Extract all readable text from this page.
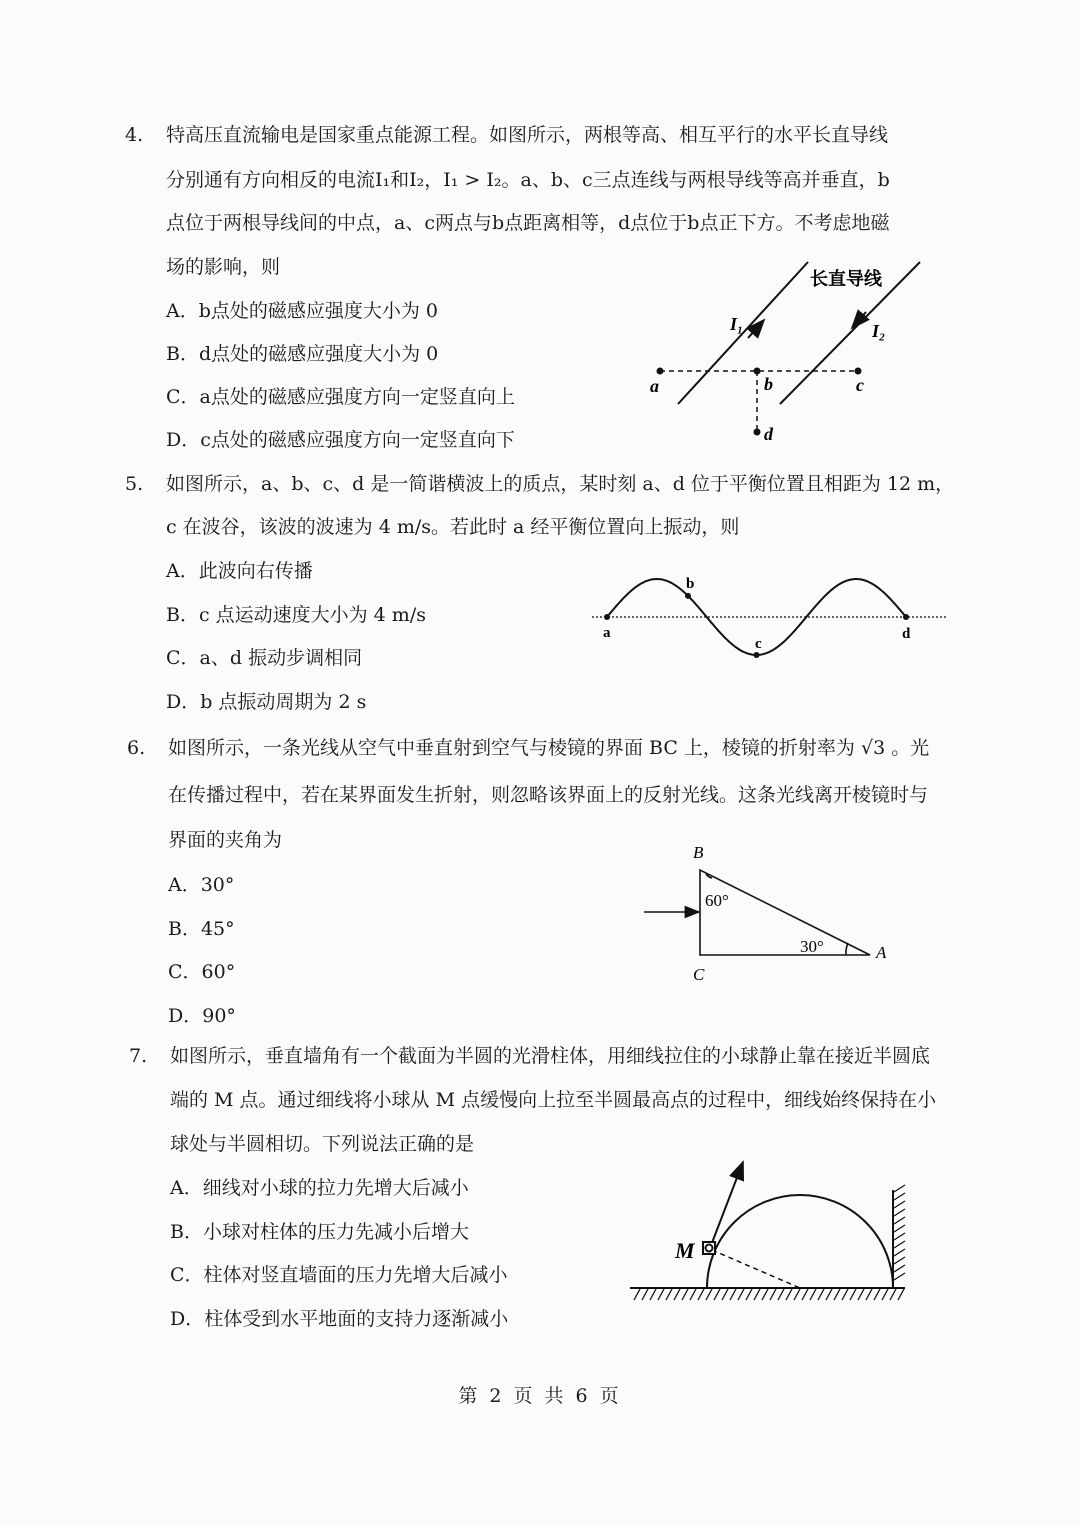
4. 特高压直流输电是国家重点能源工程。如图所示，两根等高、相互平行的水平长直导线
分别通有方向相反的电流I₁和I₂，I₁ > I₂。a、b、c三点连线与两根导线等高并垂直，b
点位于两根导线间的中点，a、c两点与b点距离相等，d点位于b点正下方。不考虑地磁
场的影响，则
A．b点处的磁感应强度大小为 0
B．d点处的磁感应强度大小为 0
C．a点处的磁感应强度方向一定竖直向上
D．c点处的磁感应强度方向一定竖直向下
5. 如图所示，a、b、c、d 是一简谐横波上的质点，某时刻 a、d 位于平衡位置且相距为 12 m，
c 在波谷，该波的波速为 4 m/s。若此时 a 经平衡位置向上振动，则
A．此波向右传播
B．c 点运动速度大小为 4 m/s
C．a、d 振动步调相同
D．b 点振动周期为 2 s
6. 如图所示，一条光线从空气中垂直射到空气与棱镜的界面 BC 上，棱镜的折射率为 √3 。光
在传播过程中，若在某界面发生折射，则忽略该界面上的反射光线。这条光线离开棱镜时与
界面的夹角为
A．30°
B．45°
C．60°
D．90°
7. 如图所示，垂直墙角有一个截面为半圆的光滑柱体，用细线拉住的小球静止靠在接近半圆底
端的 M 点。通过细线将小球从 M 点缓慢向上拉至半圆最高点的过程中，细线始终保持在小
球处与半圆相切。下列说法正确的是
A．细线对小球的拉力先增大后减小
B．小球对柱体的压力先减小后增大
C．柱体对竖直墙面的压力先增大后减小
D．柱体受到水平地面的支持力逐渐减小
长直导线
I₁	I₂
a	b	c
d
a
b
c
d
B
C
A
60°
30°
M
第 2 页 共 6 页
